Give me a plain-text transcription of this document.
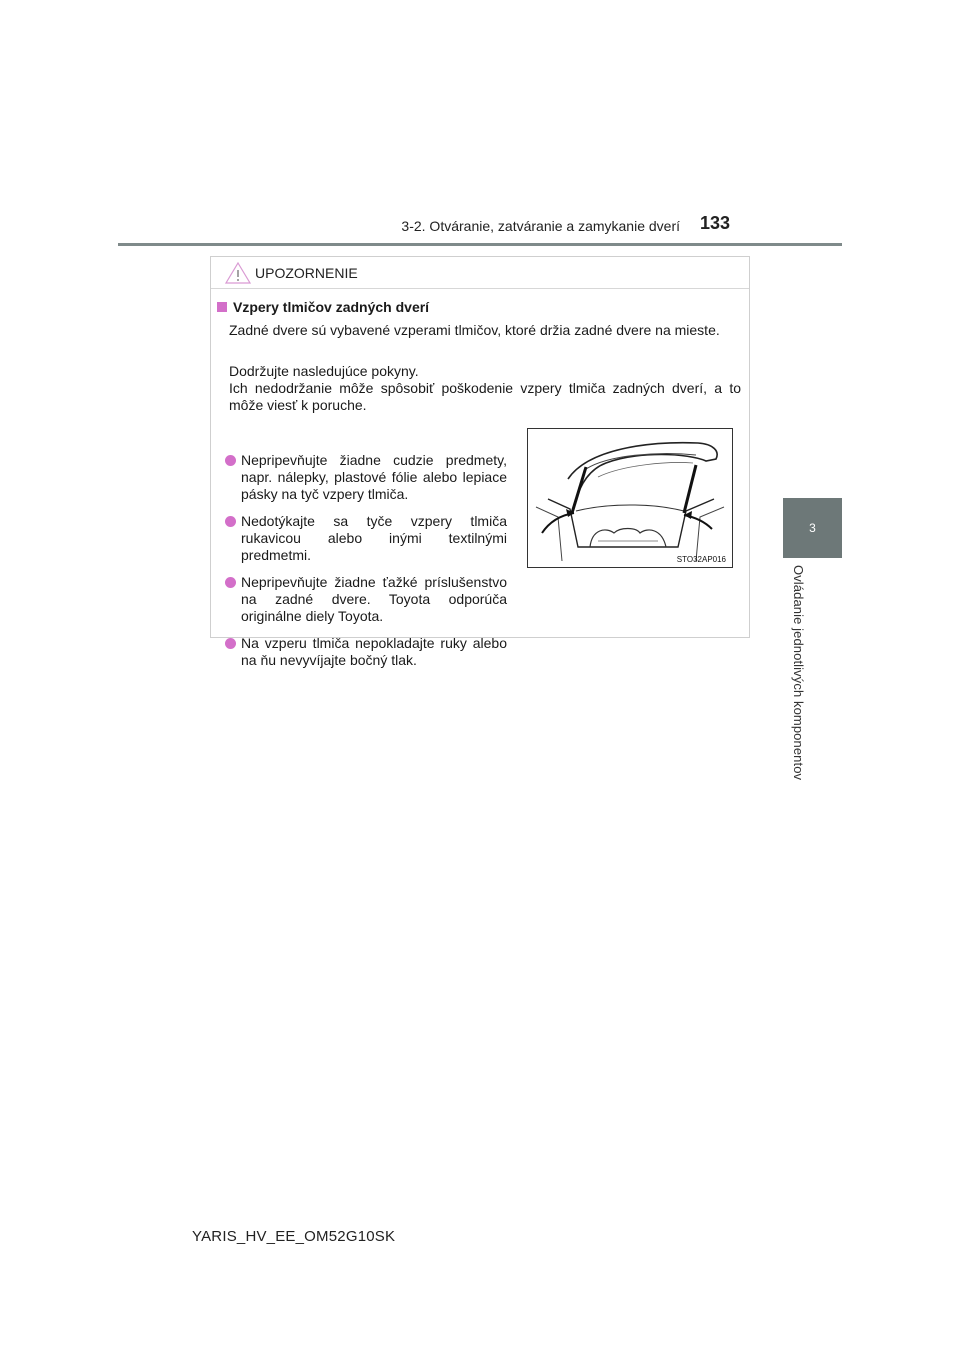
3-2. Otváranie, zatváranie a zamykanie dverí 133
3
Ovládanie jednotlivých komponentov
UPOZORNENIE
Vzpery tlmičov zadných dverí

Zadné dvere sú vybavené vzperami tlmičov, ktoré držia zadné dvere na mieste.

Dodržujte nasledujúce pokyny.

Ich nedodržanie môže spôsobiť poškodenie vzpery tlmiča zadných dverí, a to môže viesť k poruche.

Nepripevňujte žiadne cudzie predmety, napr. nálepky, plastové fólie alebo lepiace pásky na tyč vzpery tlmiča.
Nedotýkajte sa tyče vzpery tlmiča rukavicou alebo inými textilnými predmetmi.
Nepripevňujte žiadne ťažké príslušenstvo na zadné dvere. Toyota odporúča originálne diely Toyota.
Na vzperu tlmiča nepokladajte ruky alebo na ňu nevyvíjajte bočný tlak.
STO32AP016
YARIS_HV_EE_OM52G10SK
